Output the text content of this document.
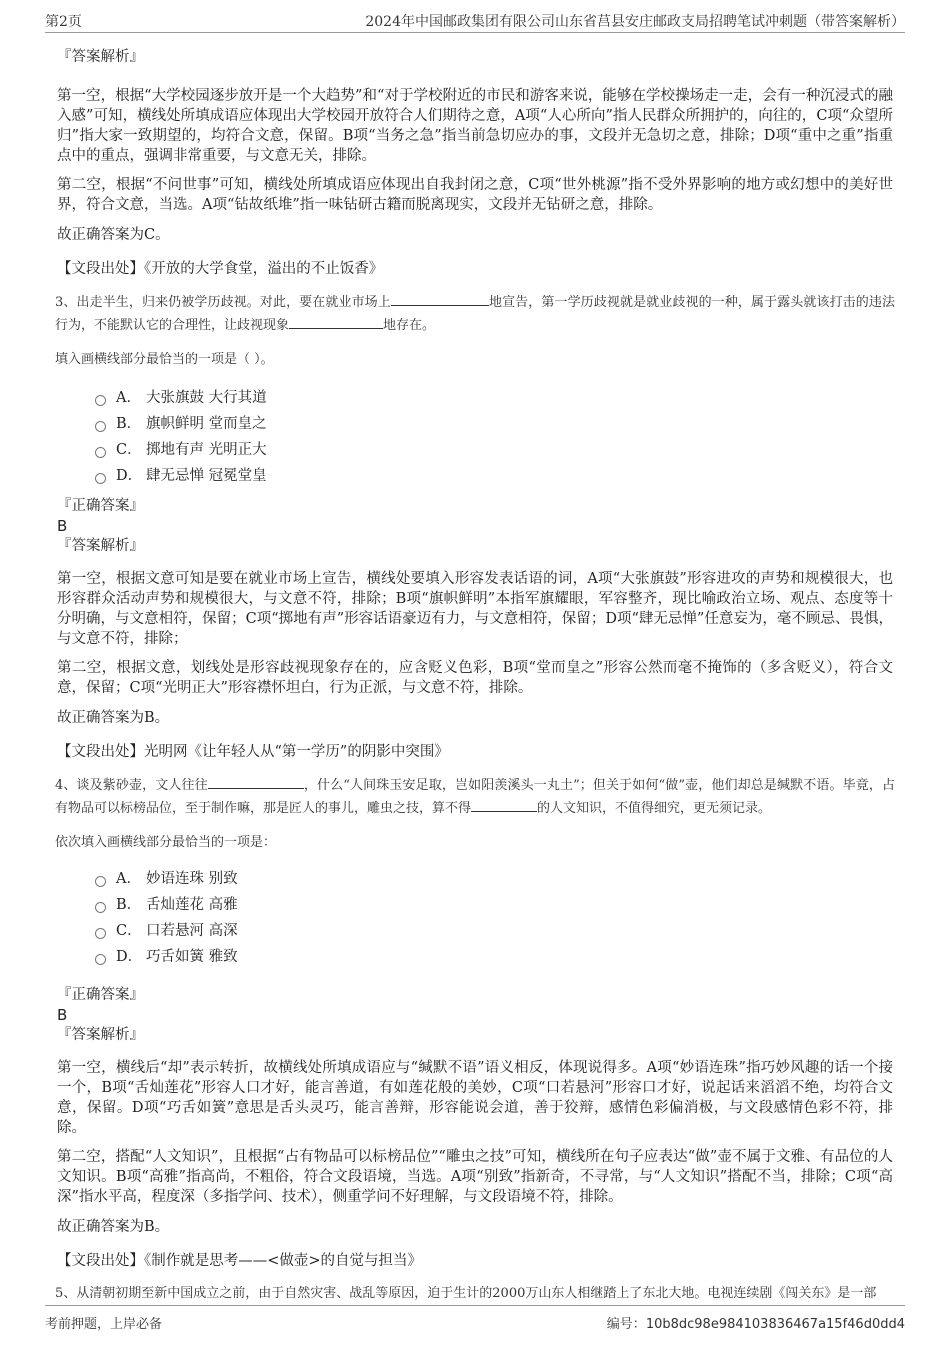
第2页	2024年中国邮政集团有限公司山东省莒县安庄邮政支局招聘笔试冲刺题（带答案解析）
『答案解析』
第一空，根据“大学校园逐步放开是一个大趋势”和“对于学校附近的市民和游客来说，能够在学校操场走一走，会有一种沉浸式的融入感”可知，横线处所填成语应体现出大学校园开放符合人们期待之意，A项“人心所向”指人民群众所拥护的，向往的，C项“众望所归”指大家一致期望的，均符合文意，保留。B项“当务之急”指当前急切应办的事，文段并无急切之意，排除；D项“重中之重”指重点中的重点，强调非常重要，与文意无关，排除。
第二空，根据“不问世事”可知，横线处所填成语应体现出自我封闭之意，C项“世外桃源”指不受外界影响的地方或幻想中的美好世界，符合文意，当选。A项“钻故纸堆”指一味钻研古籍而脱离现实，文段并无钻研之意，排除。
故正确答案为C。
【文段出处】《开放的大学食堂，溢出的不止饭香》
3、出走半生，归来仍被学历歧视。对此，要在就业市场上	地宣告，第一学历歧视就是就业歧视的一种，属于露头就该打击的违法行为，不能默认它的合理性，让歧视现象	地存在。
填入画横线部分最恰当的一项是（ ）。
A． 大张旗鼓 大行其道
B． 旗帜鲜明 堂而皇之
C． 掷地有声 光明正大
D． 肆无忌惮 冠冕堂皇
『正确答案』
B
『答案解析』
第一空，根据文意可知是要在就业市场上宣告，横线处要填入形容发表话语的词，A项“大张旗鼓”形容进攻的声势和规模很大，也形容群众活动声势和规模很大，与文意不符，排除；B项“旗帜鲜明”本指军旗耀眼，军容整齐，现比喻政治立场、观点、态度等十分明确，与文意相符，保留；C项“掷地有声”形容话语豪迈有力，与文意相符，保留；D项“肆无忌惮”任意妄为，毫不顾忌、畏惧，与文意不符，排除；
第二空，根据文意，划线处是形容歧视现象存在的，应含贬义色彩，B项“堂而皇之”形容公然而毫不掩饰的（多含贬义），符合文意，保留；C项“光明正大”形容襟怀坦白，行为正派，与文意不符，排除。
故正确答案为B。
【文段出处】光明网《让年轻人从“第一学历”的阴影中突围》
4、谈及紫砂壶，文人往往	，什么“人间珠玉安足取，岂如阳羡溪头一丸土”；但关于如何“做”壶，他们却总是缄默不语。毕竟，占有物品可以标榜品位，至于制作嘛，那是匠人的事儿，雕虫之技，算不得	的人文知识，不值得细究，更无须记录。
依次填入画横线部分最恰当的一项是：
A． 妙语连珠 别致
B． 舌灿莲花 高雅
C． 口若悬河 高深
D． 巧舌如簧 雅致
『正确答案』
B
『答案解析』
第一空，横线后“却”表示转折，故横线处所填成语应与“缄默不语”语义相反，体现说得多。A项“妙语连珠”指巧妙风趣的话一个接一个，B项“舌灿莲花”形容人口才好，能言善道，有如莲花般的美妙，C项“口若悬河”形容口才好，说起话来滔滔不绝，均符合文意，保留。D项“巧舌如簧”意思是舌头灵巧，能言善辩，形容能说会道，善于狡辩，感情色彩偏消极，与文段感情色彩不符，排除。
第二空，搭配“人文知识”，且根据“占有物品可以标榜品位”“雕虫之技”可知，横线所在句子应表达“做”壶不属于文雅、有品位的人文知识。B项“高雅”指高尚，不粗俗，符合文段语境，当选。A项“别致”指新奇，不寻常，与“人文知识”搭配不当，排除；C项“高深”指水平高，程度深（多指学问、技术），侧重学问不好理解，与文段语境不符，排除。
故正确答案为B。
【文段出处】《制作就是思考——<做壶>的自觉与担当》
5、从清朝初期至新中国成立之前，由于自然灾害、战乱等原因，迫于生计的2000万山东人相继踏上了东北大地。电视连续剧《闯关东》是一部
考前押题，上岸必备	编号：10b8dc98e984103836467a15f46d0dd4
